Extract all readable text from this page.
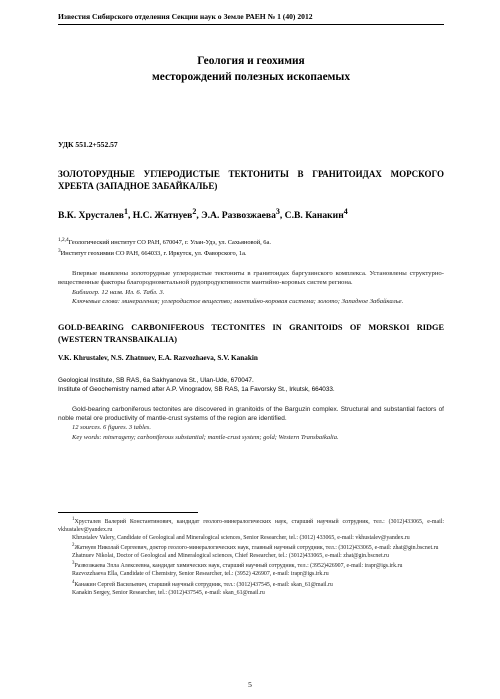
Известия Сибирского отделения Секции наук о Земле РАЕН № 1 (40) 2012
Геология и геохимия
месторождений полезных ископаемых
УДК 551.2+552.57
ЗОЛОТОРУДНЫЕ УГЛЕРОДИСТЫЕ ТЕКТОНИТЫ В ГРАНИТОИДАХ МОРСКОГО ХРЕБТА (ЗАПАДНОЕ ЗАБАЙКАЛЬЕ)
В.К. Хрусталев$^1$, Н.С. Жатнуев$^2$, Э.А. Развозжаева$^3$, С.В. Канакин$^4$
$^{1,2,4}$Геологический институт СО РАН, 670047, г. Улан-Удэ, ул. Сахьяновой, 6а.
$^3$Институт геохимии СО РАН, 664033, г. Иркутск, ул. Фаворского, 1а.

Впервые выявлены золоторудные углеродистые тектониты в гранитоидах баргузинского комплекса. Установлены структурно-вещественные факторы благороднометальной рудопродуктивности мантийно-коровых систем региона.

Библиогр. 12 назв. Ил. 6. Табл. 3.

Ключевые слова: минерагения; углеродистое вещество; мантийно-коровая система; золото; Западное Забайкалье.

GOLD-BEARING CARBONIFEROUS TECTONITES IN GRANITOIDS OF MORSKOI RIDGE (WESTERN TRANSBAIKALIA)
V.K. Khrustalev, N.S. Zhatnuev, E.A. Razvozhaeva, S.V. Kanakin
Geological Institute, SB RAS, 6a Sakhyanova St., Ulan-Ude, 670047.
Institute of Geochemistry named after A.P. Vinogradov, SB RAS, 1a Favorsky St., Irkutsk, 664033.

Gold-bearing carboniferous tectonites are discovered in granitoids of the Barguzin complex. Structural and substantial factors of noble metal ore productivity of mantle-crust systems of the region are identified.

12 sources. 6 figures. 3 tables.

Key words: mineragenу; carboniferous substantial; mantle-crust system; gold; Western Transbaikalia.

$^1$Хрусталев Валерий Константинович, кандидат геолого-минералогических наук, старший научный сотрудник, тел.: (3012)433065, e-mail: vkhustalev@yandex.ru

Khrustalev Valery, Candidate of Geological and Mineralogical sciences, Senior Researcher, tel.: (3012) 433065, e-mail: vkhustalev@yandex.ru

$^2$Жатнуев Николай Сергеевич, доктор геолого-минералогических наук, главный научный сотрудник, тел.: (3012)433065, e-mail: zhat@gin.bscnet.ru

Zhatnuev Nikolai, Doctor of Geological and Mineralogical sciences, Chief Researcher, tel.: (3012)433065, e-mail: zhat@gin.bscnet.ru

$^3$Развозжаева Элла Алексеевна, кандидат химических наук, старший научный сотрудник, тел.: (3952)426907, e-mail: irapr@igs.irk.ru

Razvozzhaeva Ella, Candidate of Chemistry, Senior Researcher, tel.: (3952) 426907, e-mail: irapr@igs.irk.ru

$^4$Канакин Сергей Васильевич, старший научный сотрудник, тел.: (3012)437545, e-mail: skan_61@mail.ru

Kanakin Sergey, Senior Researcher, tel.: (3012)437545, e-mail: skan_61@mail.ru

5
